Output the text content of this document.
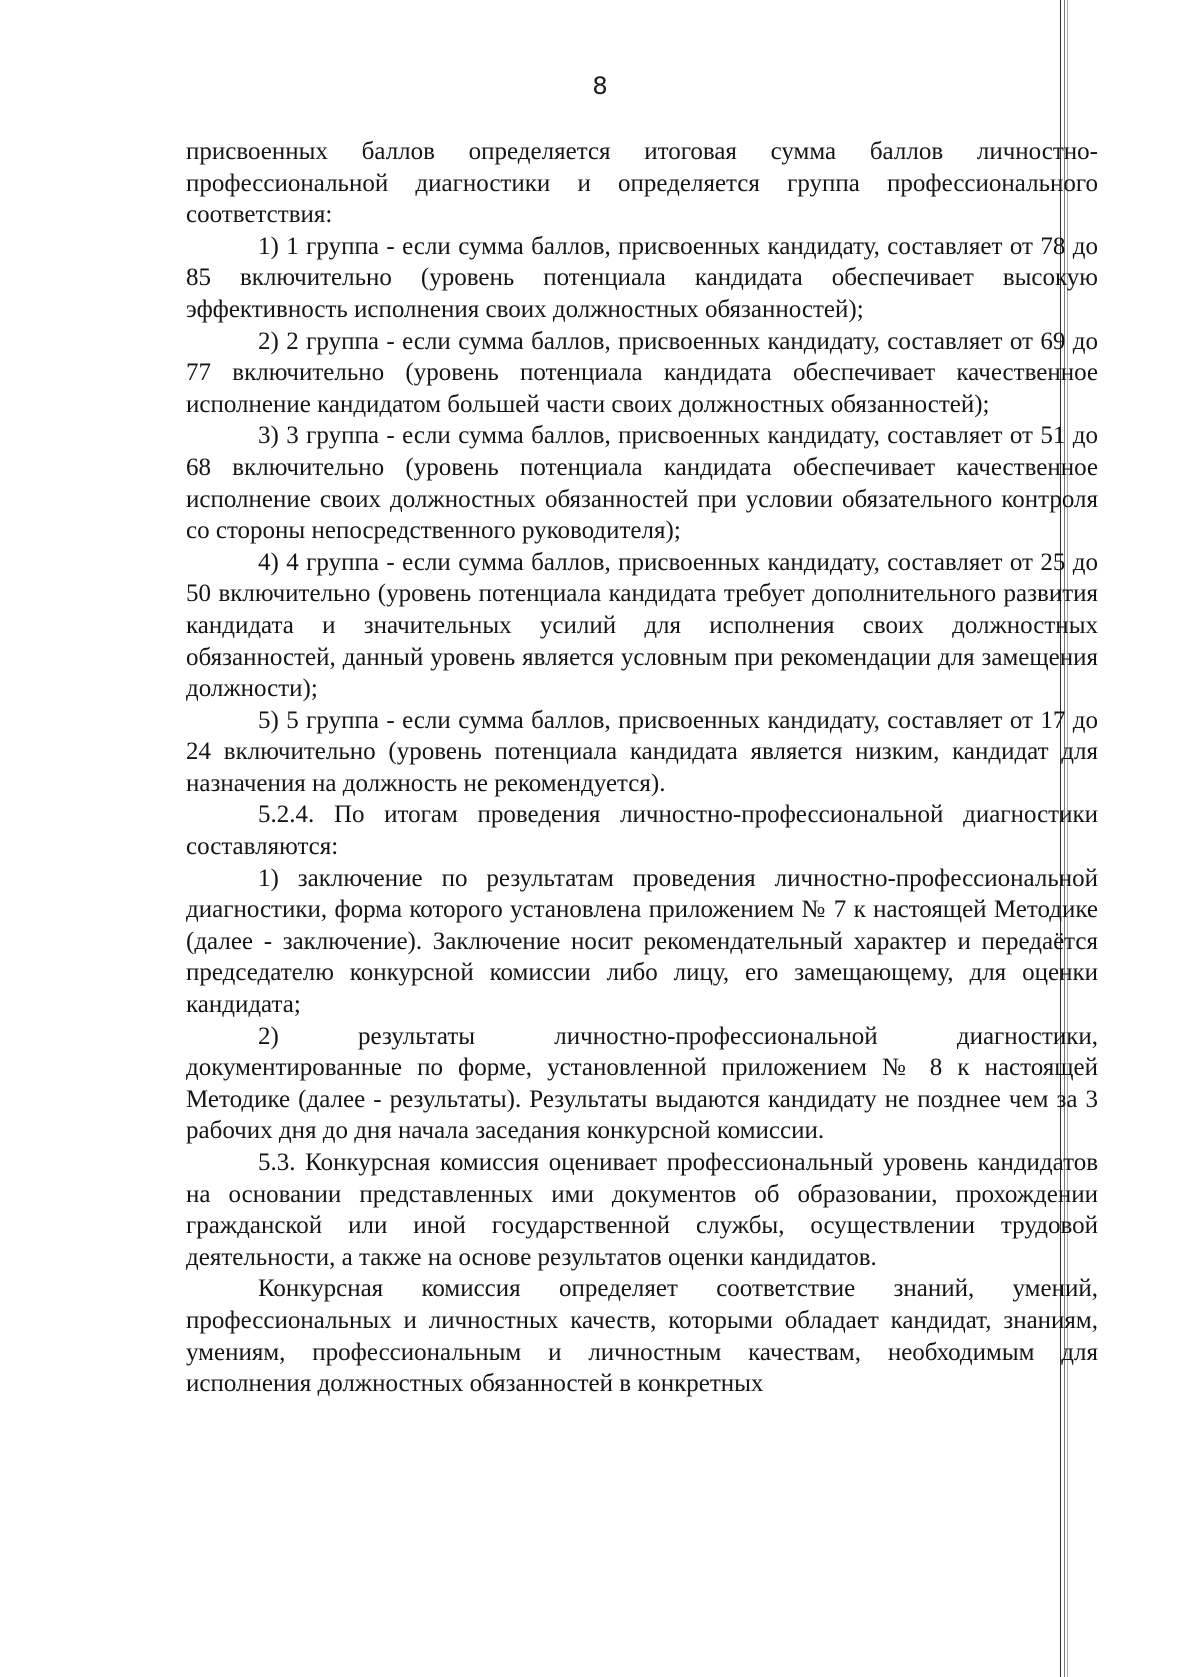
8

присвоенных баллов определяется итоговая сумма баллов личностно-профессиональной диагностики и определяется группа профессионального соответствия:

1) 1 группа - если сумма баллов, присвоенных кандидату, составляет от 78 до 85 включительно (уровень потенциала кандидата обеспечивает высокую эффективность исполнения своих должностных обязанностей);

2) 2 группа - если сумма баллов, присвоенных кандидату, составляет от 69 до 77 включительно (уровень потенциала кандидата обеспечивает качественное исполнение кандидатом большей части своих должностных обязанностей);

3) 3 группа - если сумма баллов, присвоенных кандидату, составляет от 51 до 68 включительно (уровень потенциала кандидата обеспечивает качественное исполнение своих должностных обязанностей при условии обязательного контроля со стороны непосредственного руководителя);

4) 4 группа - если сумма баллов, присвоенных кандидату, составляет от 25 до 50 включительно (уровень потенциала кандидата требует дополнительного развития кандидата и значительных усилий для исполнения своих должностных обязанностей, данный уровень является условным при рекомендации для замещения должности);

5) 5 группа - если сумма баллов, присвоенных кандидату, составляет от 17 до 24 включительно (уровень потенциала кандидата является низким, кандидат для назначения на должность не рекомендуется).

5.2.4. По итогам проведения личностно-профессиональной диагностики составляются:

1) заключение по результатам проведения личностно-профессиональной диагностики, форма которого установлена приложением № 7 к настоящей Методике (далее - заключение). Заключение носит рекомендательный характер и передаётся председателю конкурсной комиссии либо лицу, его замещающему, для оценки кандидата;

2) результаты личностно-профессиональной диагностики, документированные по форме, установленной приложением № 8 к настоящей Методике (далее - результаты). Результаты выдаются кандидату не позднее чем за 3 рабочих дня до дня начала заседания конкурсной комиссии.

5.3. Конкурсная комиссия оценивает профессиональный уровень кандидатов на основании представленных ими документов об образовании, прохождении гражданской или иной государственной службы, осуществлении трудовой деятельности, а также на основе результатов оценки кандидатов.

Конкурсная комиссия определяет соответствие знаний, умений, профессиональных и личностных качеств, которыми обладает кандидат, знаниям, умениям, профессиональным и личностным качествам, необходимым для исполнения должностных обязанностей в конкретных
